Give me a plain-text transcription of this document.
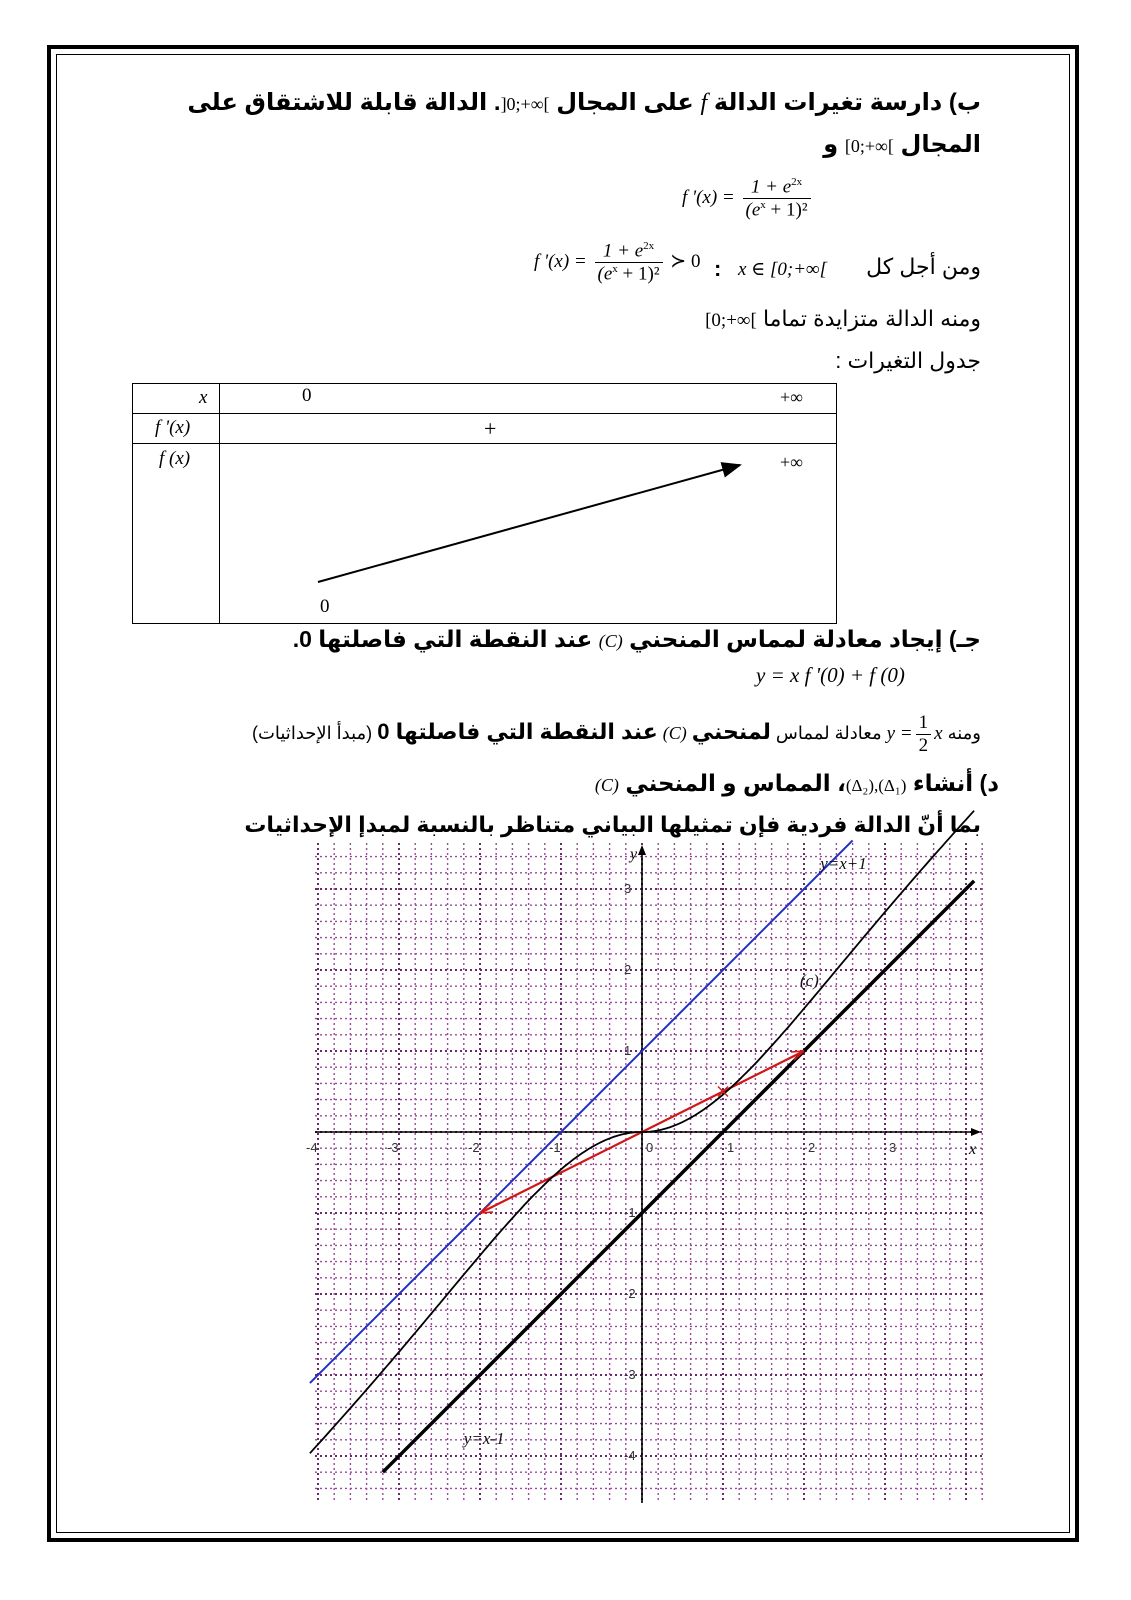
ب) دارسة تغيرات الدالة f على المجال ]0;+∞[. الدالة قابلة للاشتقاق على
المجال [0;+∞[ و
f '$(x) = \frac{1 + e^{2x}}{(e^x + 1)^2}$
ومن أجل كل
x ∈ [0;+∞[
:
f '$(x) = \frac{1 + e^{2x}}{(e^x + 1)^2}$ ≻ 0
ومنه الدالة متزايدة تماما [0;+∞[
جدول التغيرات :
x	0 +∞

f '(x)	+

f (x)	+∞
0
جـ) إيجاد معادلة لمماس المنحني (C) عند النقطة التي فاصلتها 0.
y = x f '(0) + f (0)
ومنه $y = \frac{1}{2}$ x معادلة لمماس لمنحني (C) عند النقطة التي فاصلتها 0 (مبدأ الإحداثيات)
د) أنشاء (Δ₂),(Δ₁)، المماس و المنحني (C)
بما أنّ الدالة فردية فإن تمثيلها البياني متناظر بالنسبة لمبدإ الإحداثيات
-4	-3	-2	-1	0	1	2	3
3
2
1
-1
-2
-3
-4
x
y	y=x+1
y=x-1
(c)
